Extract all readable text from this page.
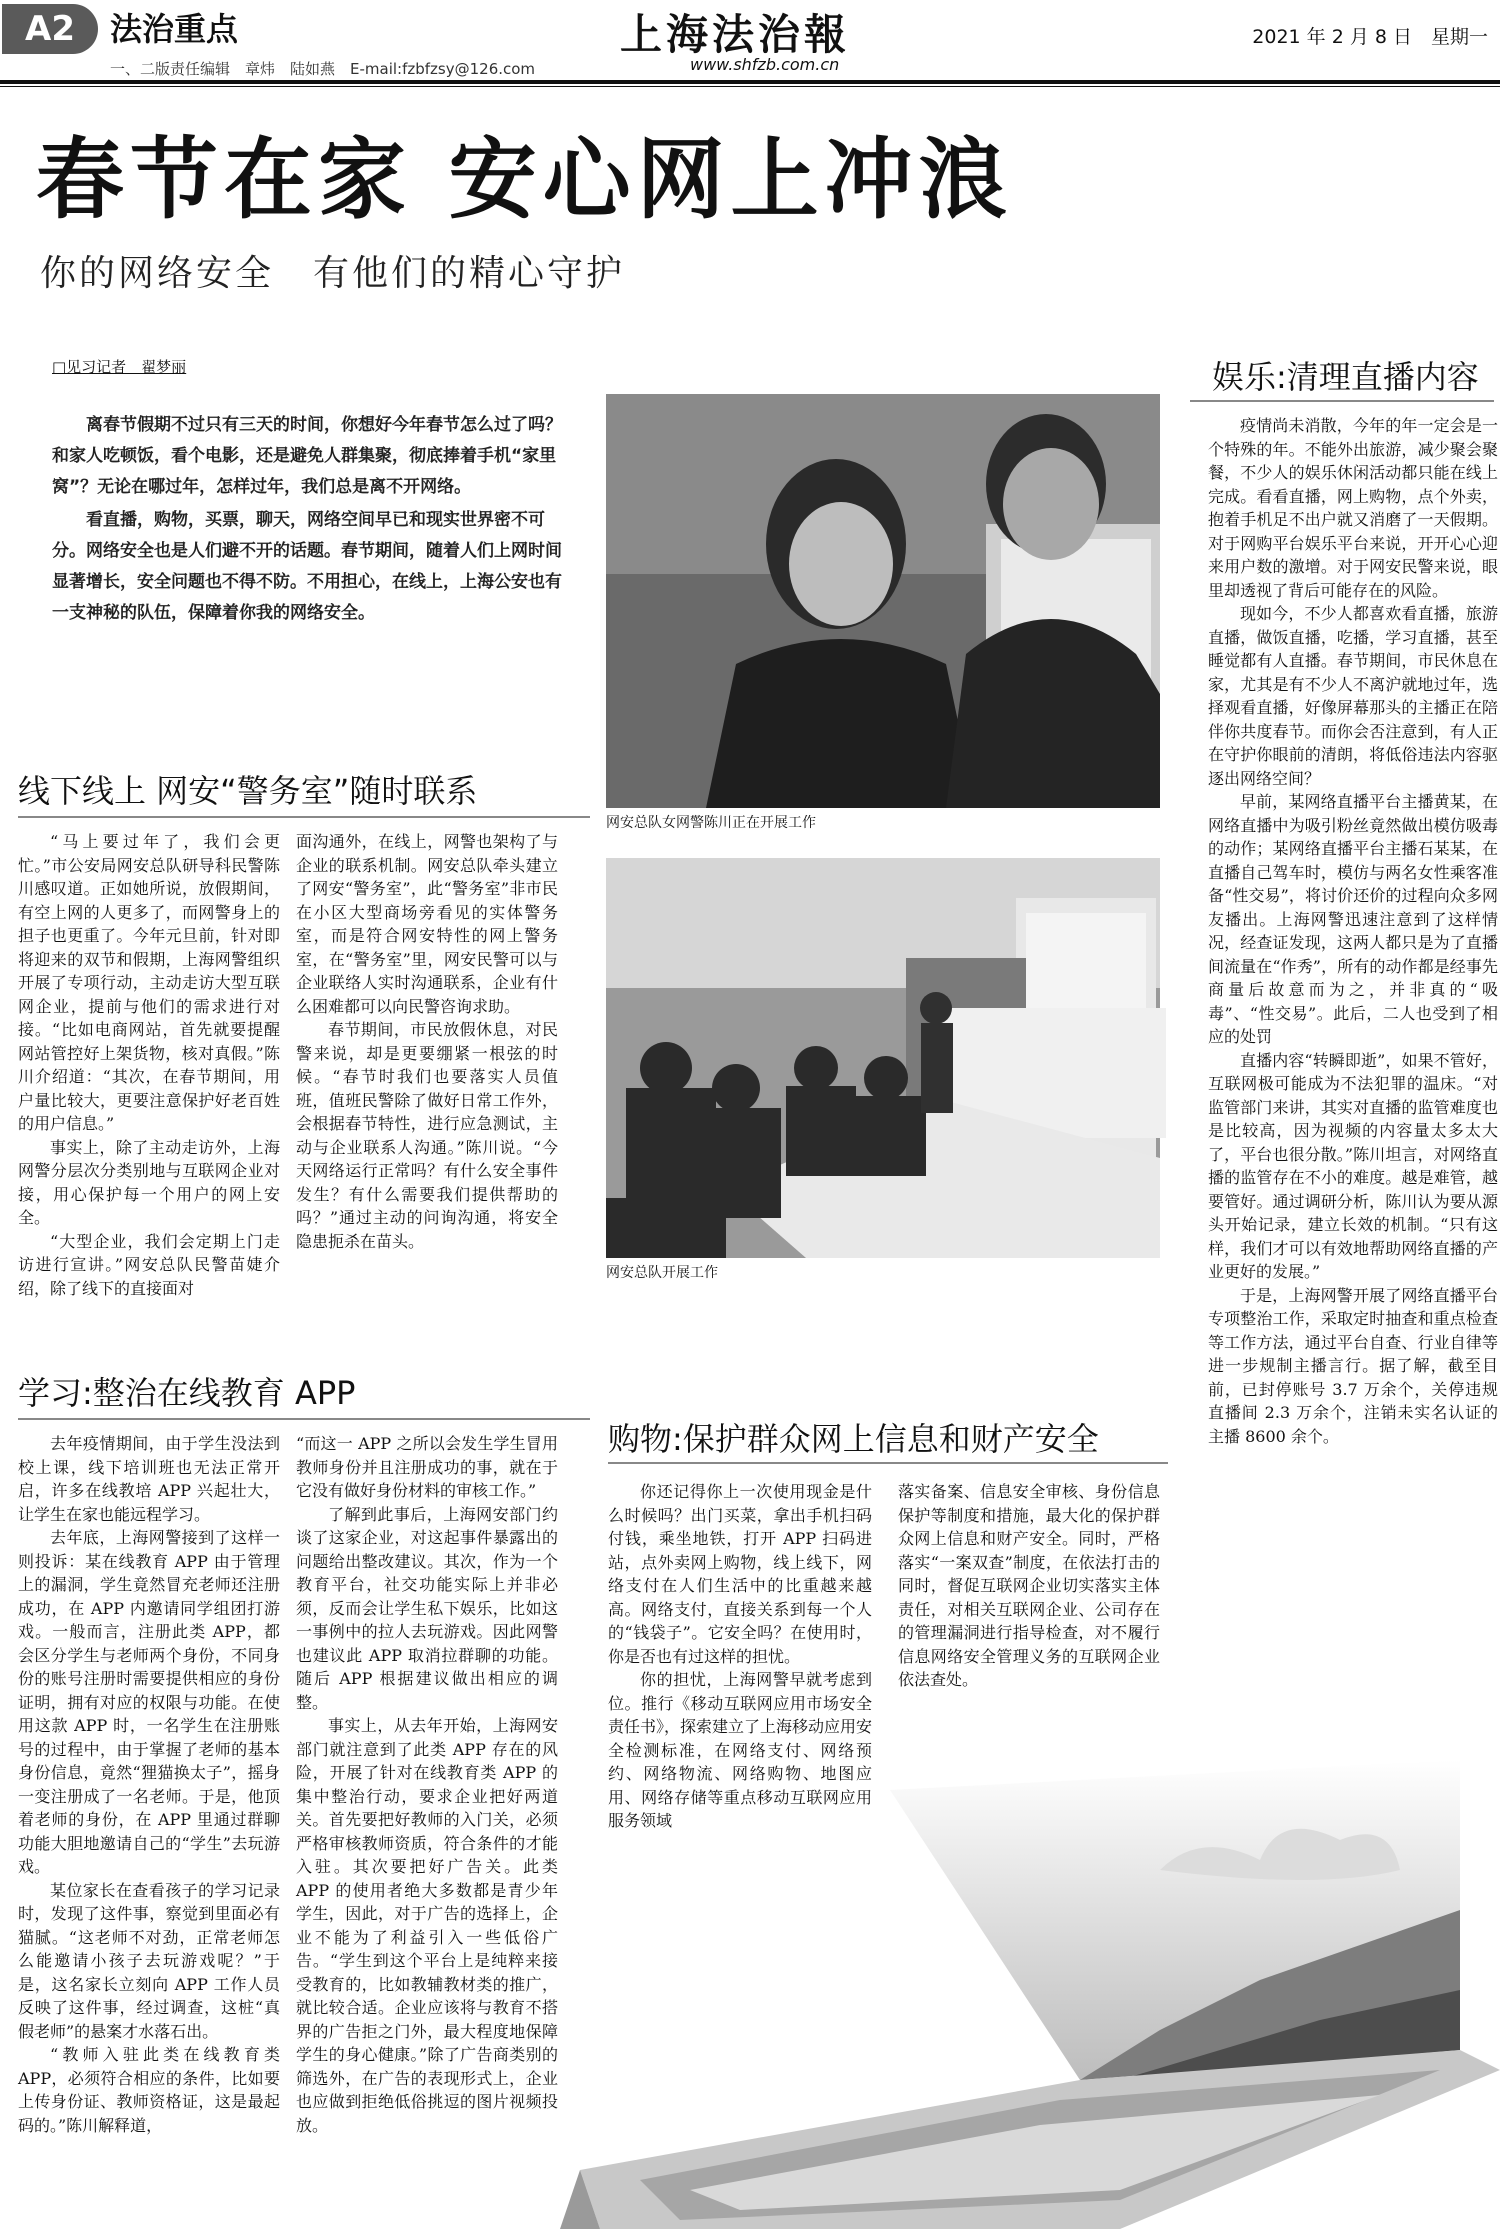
A2	法治重点
一、二版责任编辑　章炜　陆如燕　E-mail:fzbfzsy@126.com
上海法治報
www.shfzb.com.cn
2021 年 2 月 8 日　星期一
春节在家 安心网上冲浪
你的网络安全　有他们的精心守护
□见习记者　翟梦丽

离春节假期不过只有三天的时间，你想好今年春节怎么过了吗？和家人吃顿饭，看个电影，还是避免人群集聚，彻底捧着手机“家里窝”？无论在哪过年，怎样过年，我们总是离不开网络。

看直播，购物，买票，聊天，网络空间早已和现实世界密不可分。网络安全也是人们避不开的话题。春节期间，随着人们上网时间显著增长，安全问题也不得不防。不用担心，在线上，上海公安也有一支神秘的队伍，保障着你我的网络安全。

网安总队女网警陈川正在开展工作
网安总队开展工作
线下线上 网安“警务室”随时联系

“马上要过年了，我们会更忙。”市公安局网安总队研导科民警陈川感叹道。正如她所说，放假期间，有空上网的人更多了，而网警身上的担子也更重了。今年元旦前，针对即将迎来的双节和假期，上海网警组织开展了专项行动，主动走访大型互联网企业，提前与他们的需求进行对接。“比如电商网站，首先就要提醒网站管控好上架货物，核对真假。”陈川介绍道：“其次，在春节期间，用户量比较大，更要注意保护好老百姓的用户信息。”

事实上，除了主动走访外，上海网警分层次分类别地与互联网企业对接，用心保护每一个用户的网上安全。

“大型企业，我们会定期上门走访进行宣讲。”网安总队民警苗婕介绍，除了线下的直接面对

面沟通外，在线上，网警也架构了与企业的联系机制。网安总队牵头建立了网安“警务室”，此“警务室”非市民在小区大型商场旁看见的实体警务室，而是符合网安特性的网上警务室，在“警务室”里，网安民警可以与企业联络人实时沟通联系，企业有什么困难都可以向民警咨询求助。

春节期间，市民放假休息，对民警来说，却是更要绷紧一根弦的时候。“春节时我们也要落实人员值班，值班民警除了做好日常工作外，会根据春节特性，进行应急测试，主动与企业联系人沟通。”陈川说。“今天网络运行正常吗？有什么安全事件发生？有什么需要我们提供帮助的吗？”通过主动的问询沟通，将安全隐患扼杀在苗头。

学习:整治在线教育 APP

去年疫情期间，由于学生没法到校上课，线下培训班也无法正常开启，许多在线教培 APP 兴起壮大，让学生在家也能远程学习。

去年底，上海网警接到了这样一则投诉：某在线教育 APP 由于管理上的漏洞，学生竟然冒充老师还注册成功，在 APP 内邀请同学组团打游戏。一般而言，注册此类 APP，都会区分学生与老师两个身份，不同身份的账号注册时需要提供相应的身份证明，拥有对应的权限与功能。在使用这款 APP 时，一名学生在注册账号的过程中，由于掌握了老师的基本身份信息，竟然“狸猫换太子”，摇身一变注册成了一名老师。于是，他顶着老师的身份，在 APP 里通过群聊功能大胆地邀请自己的“学生”去玩游戏。

某位家长在查看孩子的学习记录时，发现了这件事，察觉到里面必有猫腻。“这老师不对劲，正常老师怎么能邀请小孩子去玩游戏呢？”于是，这名家长立刻向 APP 工作人员反映了这件事，经过调查，这桩“真假老师”的悬案才水落石出。

“教师入驻此类在线教育类 APP，必须符合相应的条件，比如要上传身份证、教师资格证，这是最起码的。”陈川解释道，

“而这一 APP 之所以会发生学生冒用教师身份并且注册成功的事，就在于它没有做好身份材料的审核工作。”

了解到此事后，上海网安部门约谈了这家企业，对这起事件暴露出的问题给出整改建议。其次，作为一个教育平台，社交功能实际上并非必须，反而会让学生私下娱乐，比如这一事例中的拉人去玩游戏。因此网警也建议此 APP 取消拉群聊的功能。随后 APP 根据建议做出相应的调整。

事实上，从去年开始，上海网安部门就注意到了此类 APP 存在的风险，开展了针对在线教育类 APP 的集中整治行动，要求企业把好两道关。首先要把好教师的入门关，必须严格审核教师资质，符合条件的才能入驻。其次要把好广告关。此类 APP 的使用者绝大多数都是青少年学生，因此，对于广告的选择上，企业不能为了利益引入一些低俗广告。“学生到这个平台上是纯粹来接受教育的，比如教辅教材类的推广，就比较合适。企业应该将与教育不搭界的广告拒之门外，最大程度地保障学生的身心健康。”除了广告商类别的筛选外，在广告的表现形式上，企业也应做到拒绝低俗挑逗的图片视频投放。

购物:保护群众网上信息和财产安全

你还记得你上一次使用现金是什么时候吗？出门买菜，拿出手机扫码付钱，乘坐地铁，打开 APP 扫码进站，点外卖网上购物，线上线下，网络支付在人们生活中的比重越来越高。网络支付，直接关系到每一个人的“钱袋子”。它安全吗？在使用时，你是否也有过这样的担忧。

你的担忧，上海网警早就考虑到位。推行《移动互联网应用市场安全责任书》，探索建立了上海移动应用安全检测标准，在网络支付、网络预约、网络物流、网络购物、地图应用、网络存储等重点移动互联网应用服务领域

落实备案、信息安全审核、身份信息保护等制度和措施，最大化的保护群众网上信息和财产安全。同时，严格落实“一案双查”制度，在依法打击的同时，督促互联网企业切实落实主体责任，对相关互联网企业、公司存在的管理漏洞进行指导检查，对不履行信息网络安全管理义务的互联网企业依法查处。

娱乐:清理直播内容

疫情尚未消散，今年的年一定会是一个特殊的年。不能外出旅游，减少聚会聚餐，不少人的娱乐休闲活动都只能在线上完成。看看直播，网上购物，点个外卖，抱着手机足不出户就又消磨了一天假期。对于网购平台娱乐平台来说，开开心心迎来用户数的激增。对于网安民警来说，眼里却透视了背后可能存在的风险。

现如今，不少人都喜欢看直播，旅游直播，做饭直播，吃播，学习直播，甚至睡觉都有人直播。春节期间，市民休息在家，尤其是有不少人不离沪就地过年，选择观看直播，好像屏幕那头的主播正在陪伴你共度春节。而你会否注意到，有人正在守护你眼前的清朗，将低俗违法内容驱逐出网络空间？

早前，某网络直播平台主播黄某，在网络直播中为吸引粉丝竟然做出模仿吸毒的动作；某网络直播平台主播石某某，在直播自己驾车时，模仿与两名女性乘客准备“性交易”，将讨价还价的过程向众多网友播出。上海网警迅速注意到了这样情况，经查证发现，这两人都只是为了直播间流量在“作秀”，所有的动作都是经事先商量后故意而为之，并非真的“吸毒”、“性交易”。此后，二人也受到了相应的处罚

直播内容“转瞬即逝”，如果不管好，互联网极可能成为不法犯罪的温床。“对监管部门来讲，其实对直播的监管难度也是比较高，因为视频的内容量太多太大了，平台也很分散。”陈川坦言，对网络直播的监管存在不小的难度。越是难管，越要管好。通过调研分析，陈川认为要从源头开始记录，建立长效的机制。“只有这样，我们才可以有效地帮助网络直播的产业更好的发展。”

于是，上海网警开展了网络直播平台专项整治工作，采取定时抽查和重点检查等工作方法，通过平台自查、行业自律等进一步规制主播言行。据了解，截至目前，已封停账号 3.7 万余个，关停违规直播间 2.3 万余个，注销未实名认证的主播 8600 余个。
